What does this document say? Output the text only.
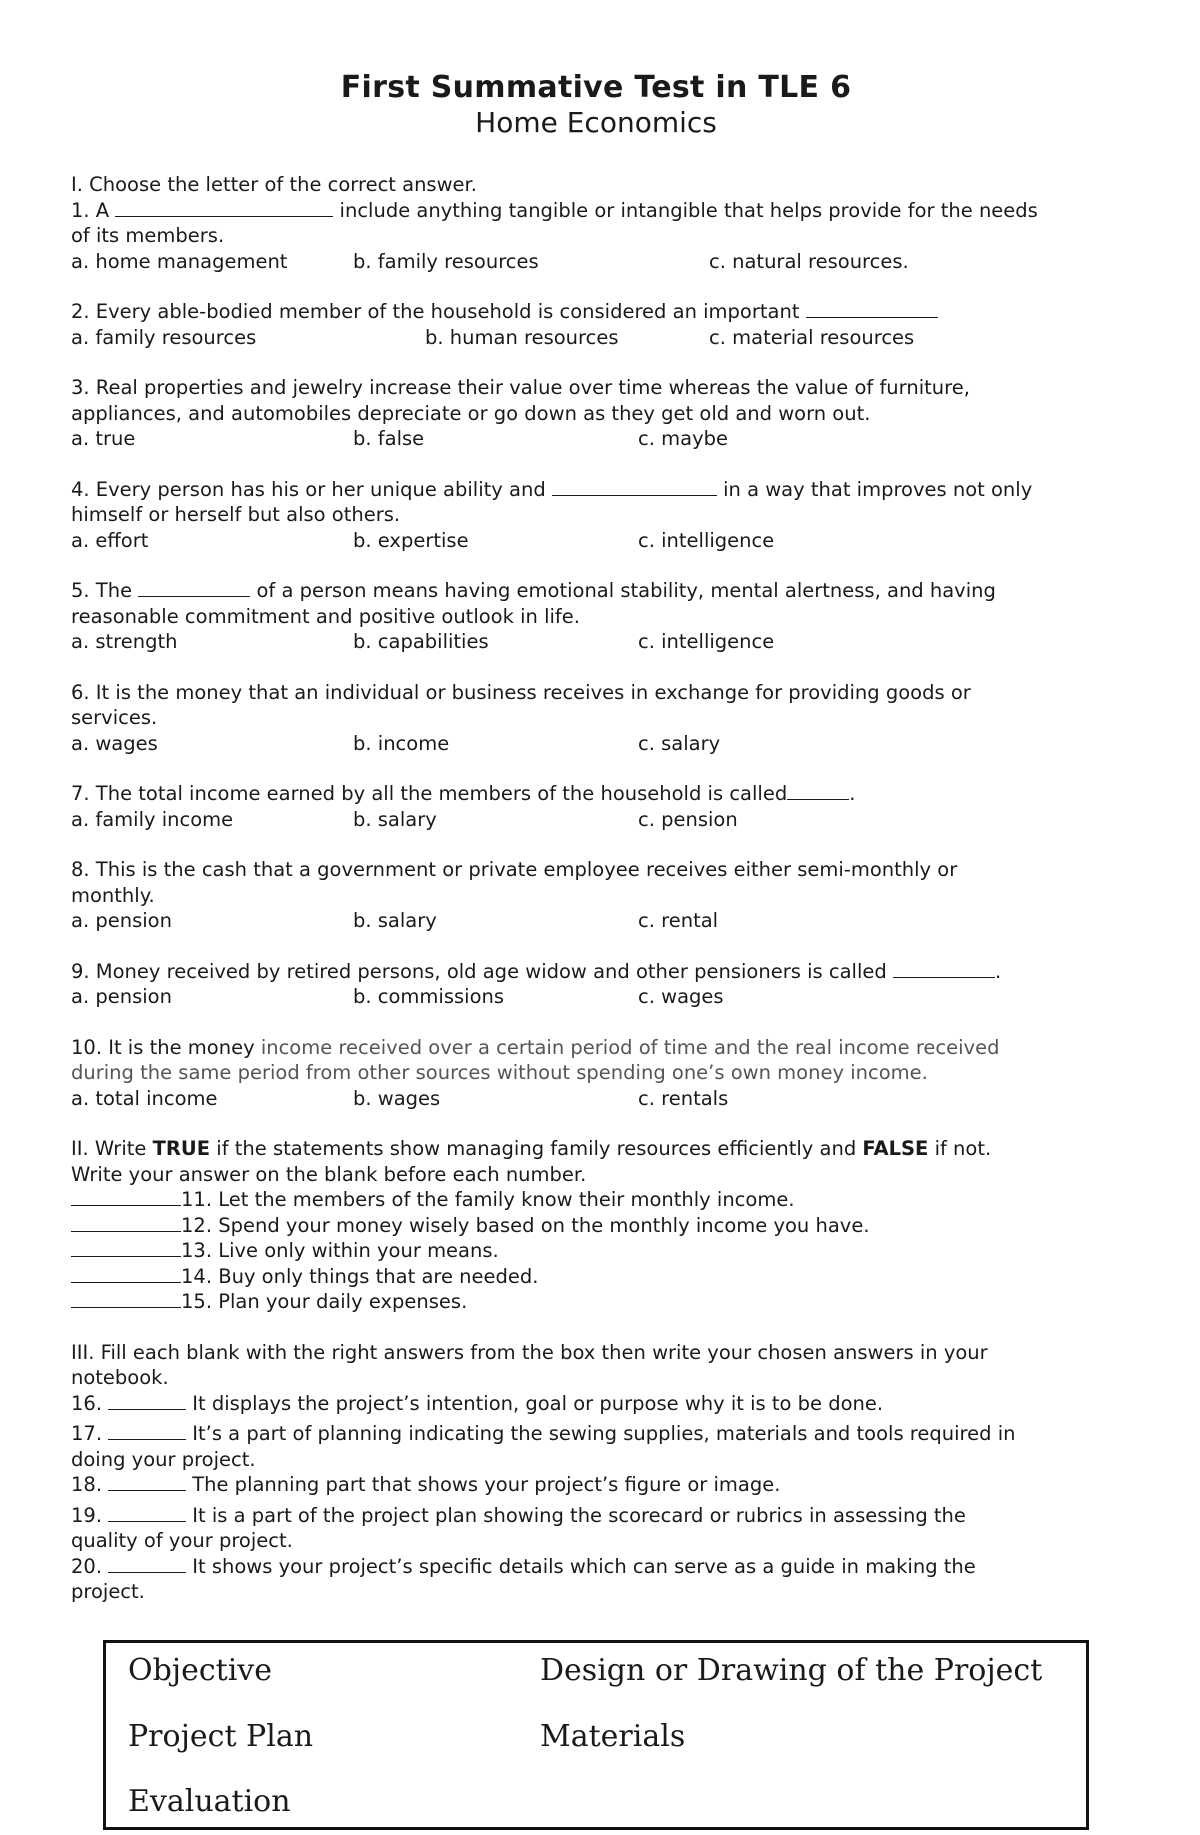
First Summative Test in TLE 6
Home Economics
I. Choose the letter of the correct answer.
1. A	include anything tangible or intangible that helps provide for the needs
of its members.
a. home management	b. family resources	c. natural resources.
2. Every able-bodied member of the household is considered an important
a. family resources	b. human resources	c. material resources
3. Real properties and jewelry increase their value over time whereas the value of furniture,
appliances, and automobiles depreciate or go down as they get old and worn out.
a. true	b. false	c. maybe
4. Every person has his or her unique ability and	in a way that improves not only
himself or herself but also others.
a. effort	b. expertise	c. intelligence
5. The	of a person means having emotional stability, mental alertness, and having
reasonable commitment and positive outlook in life.
a. strength	b. capabilities	c. intelligence
6. It is the money that an individual or business receives in exchange for providing goods or
services.
a. wages	b. income	c. salary
7. The total income earned by all the members of the household is called	.
a. family income	b. salary	c. pension
8. This is the cash that a government or private employee receives either semi-monthly or
monthly.
a. pension	b. salary	c. rental
9. Money received by retired persons, old age widow and other pensioners is called	.
a. pension	b. commissions	c. wages
10. It is the money income received over a certain period of time and the real income received
during the same period from other sources without spending one’s own money income.
a. total income	b. wages	c. rentals
II. Write TRUE if the statements show managing family resources efficiently and FALSE if not.
Write your answer on the blank before each number.
11. Let the members of the family know their monthly income.
12. Spend your money wisely based on the monthly income you have.
13. Live only within your means.
14. Buy only things that are needed.
15. Plan your daily expenses.
III. Fill each blank with the right answers from the box then write your chosen answers in your
notebook.
16.	It displays the project’s intention, goal or purpose why it is to be done.
17.	It’s a part of planning indicating the sewing supplies, materials and tools required in
doing your project.
18.	The planning part that shows your project’s figure or image.
19.	It is a part of the project plan showing the scorecard or rubrics in assessing the
quality of your project.
20.	It shows your project’s specific details which can serve as a guide in making the
project.
Objective	Design or Drawing of the Project
Project Plan	Materials
Evaluation
